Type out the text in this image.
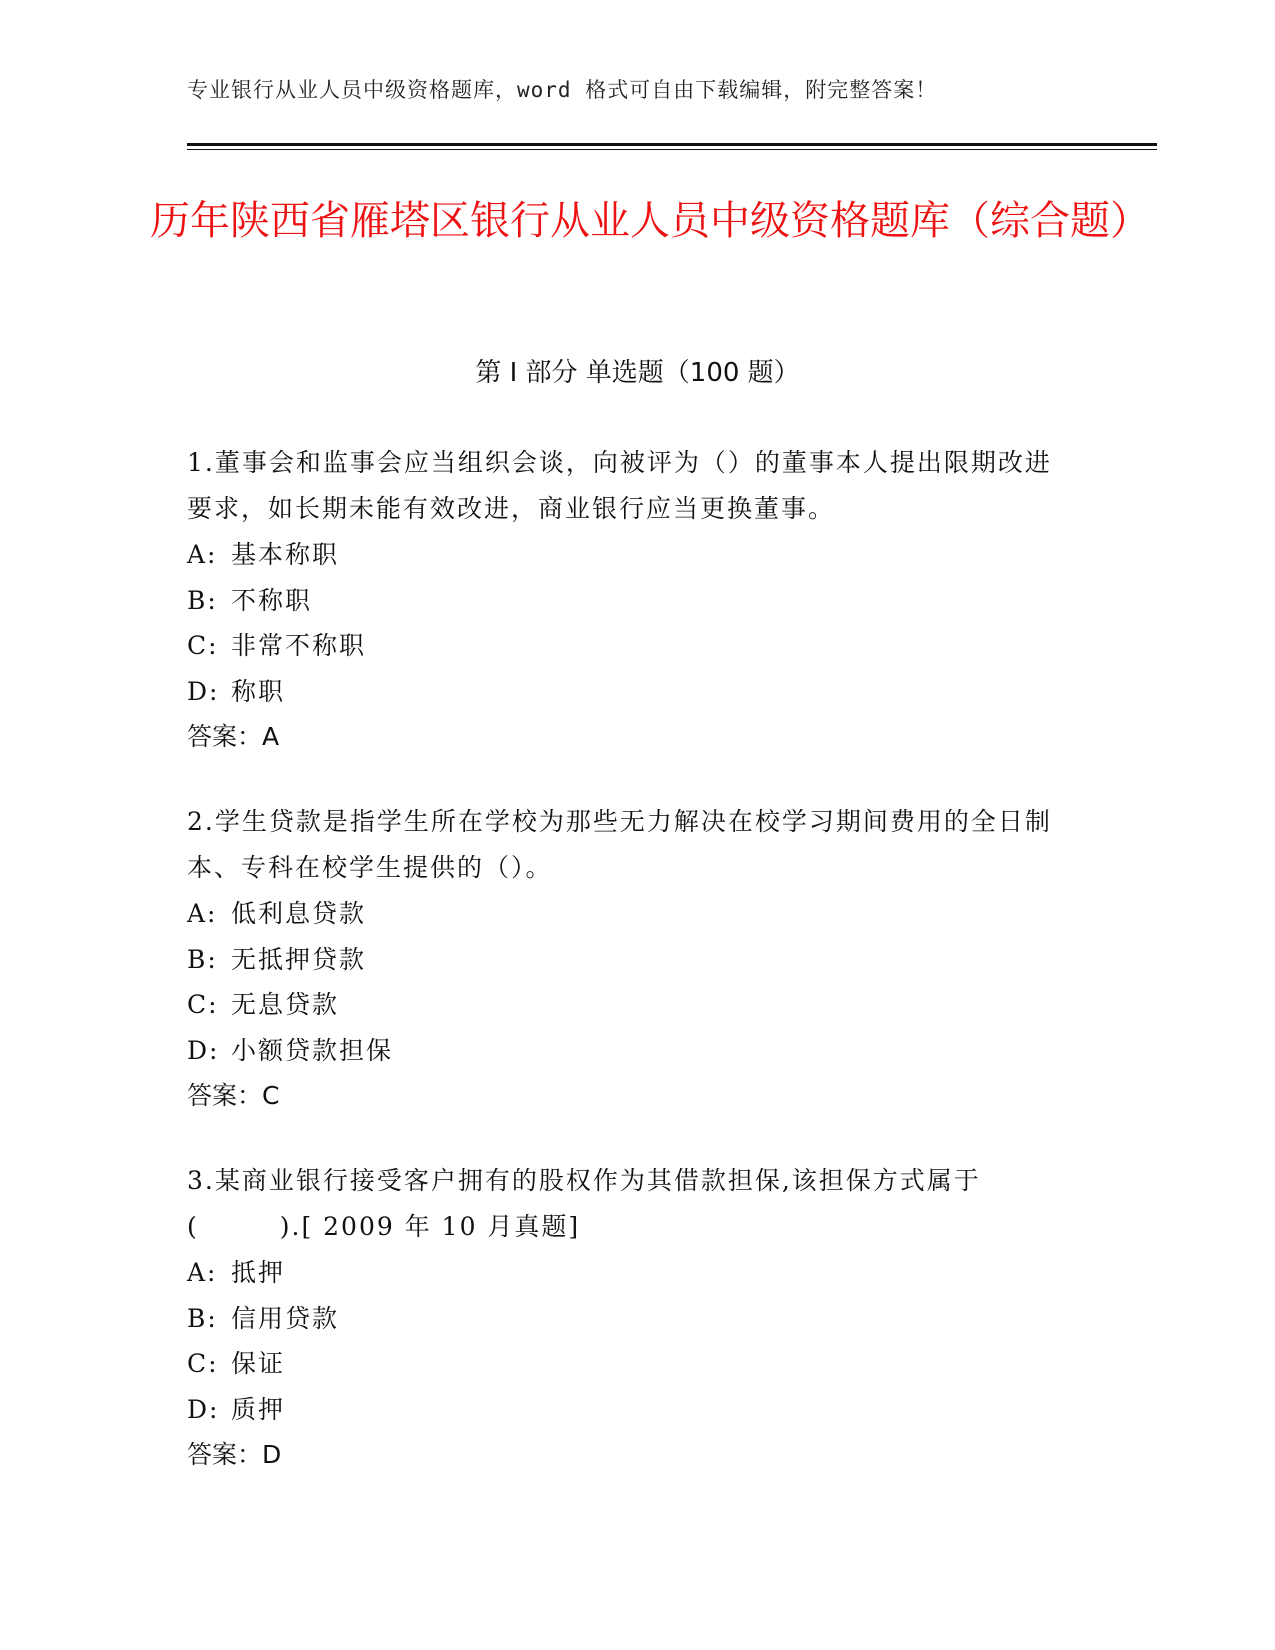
专业银行从业人员中级资格题库，word 格式可自由下载编辑，附完整答案！
历年陕西省雁塔区银行从业人员中级资格题库（综合题）
第 I 部分 单选题（100 题）
1.董事会和监事会应当组织会谈，向被评为（）的董事本人提出限期改进要求，如长期未能有效改进，商业银行应当更换董事。
A: 基本称职
B: 不称职
C: 非常不称职
D: 称职
答案：A
2.学生贷款是指学生所在学校为那些无力解决在校学习期间费用的全日制本、专科在校学生提供的（）。
A: 低利息贷款
B: 无抵押贷款
C: 无息贷款
D: 小额贷款担保
答案：C
3.某商业银行接受客户拥有的股权作为其借款担保,该担保方式属于(　　　).[ 2009 年 10 月真题]
A: 抵押
B: 信用贷款
C: 保证
D: 质押
答案：D
